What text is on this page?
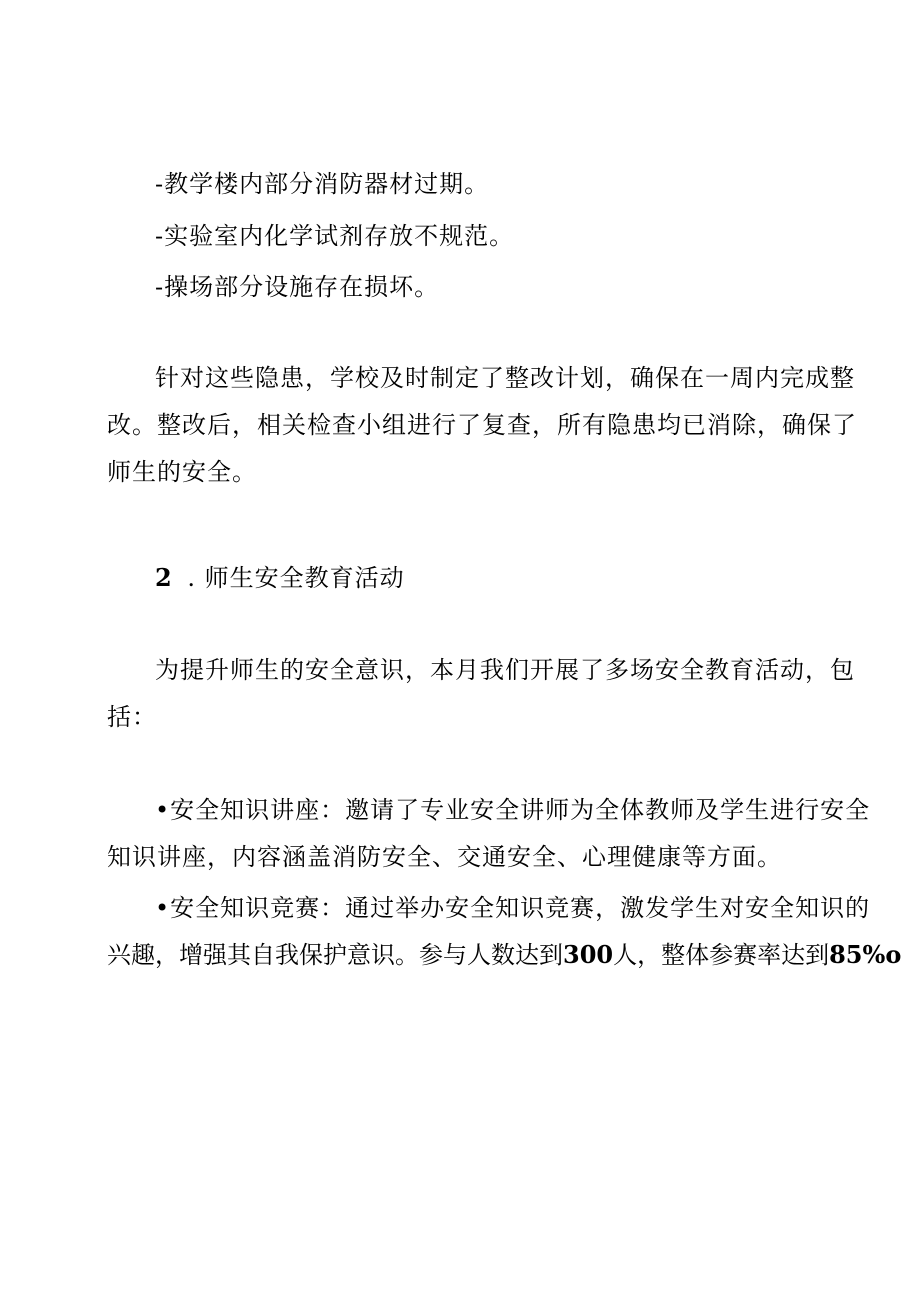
-教学楼内部分消防器材过期。
-实验室内化学试剂存放不规范。
-操场部分设施存在损坏。
针对这些隐患，学校及时制定了整改计划，确保在一周内完成整
改。整改后，相关检查小组进行了复查，所有隐患均已消除，确保了
师生的安全。
2 . 师生安全教育活动
为提升师生的安全意识，本月我们开展了多场安全教育活动，包
括：
•安全知识讲座：邀请了专业安全讲师为全体教师及学生进行安全
知识讲座，内容涵盖消防安全、交通安全、心理健康等方面。
•安全知识竞赛：通过举办安全知识竞赛，激发学生对安全知识的
兴趣，增强其自我保护意识。参与人数达到300人，整体参赛率达到85%o
